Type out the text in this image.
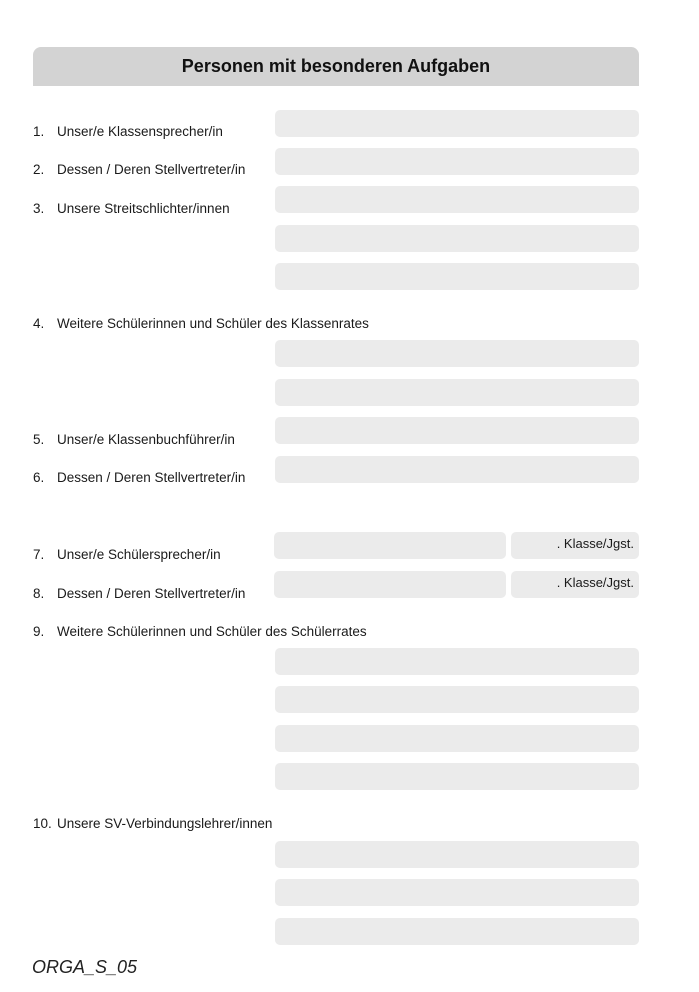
Personen mit besonderen Aufgaben
1. Unser/e Klassensprecher/in
2. Dessen / Deren Stellvertreter/in
3. Unsere Streitschlichter/innen
4. Weitere Schülerinnen und Schüler des Klassenrates
5. Unser/e Klassenbuchführer/in
6. Dessen / Deren Stellvertreter/in
7. Unser/e Schülersprecher/in
8. Dessen / Deren Stellvertreter/in
9. Weitere Schülerinnen und Schüler des Schülerrates
10. Unsere SV-Verbindungslehrer/innen
. Klasse/Jgst.
. Klasse/Jgst.
ORGA_S_05
